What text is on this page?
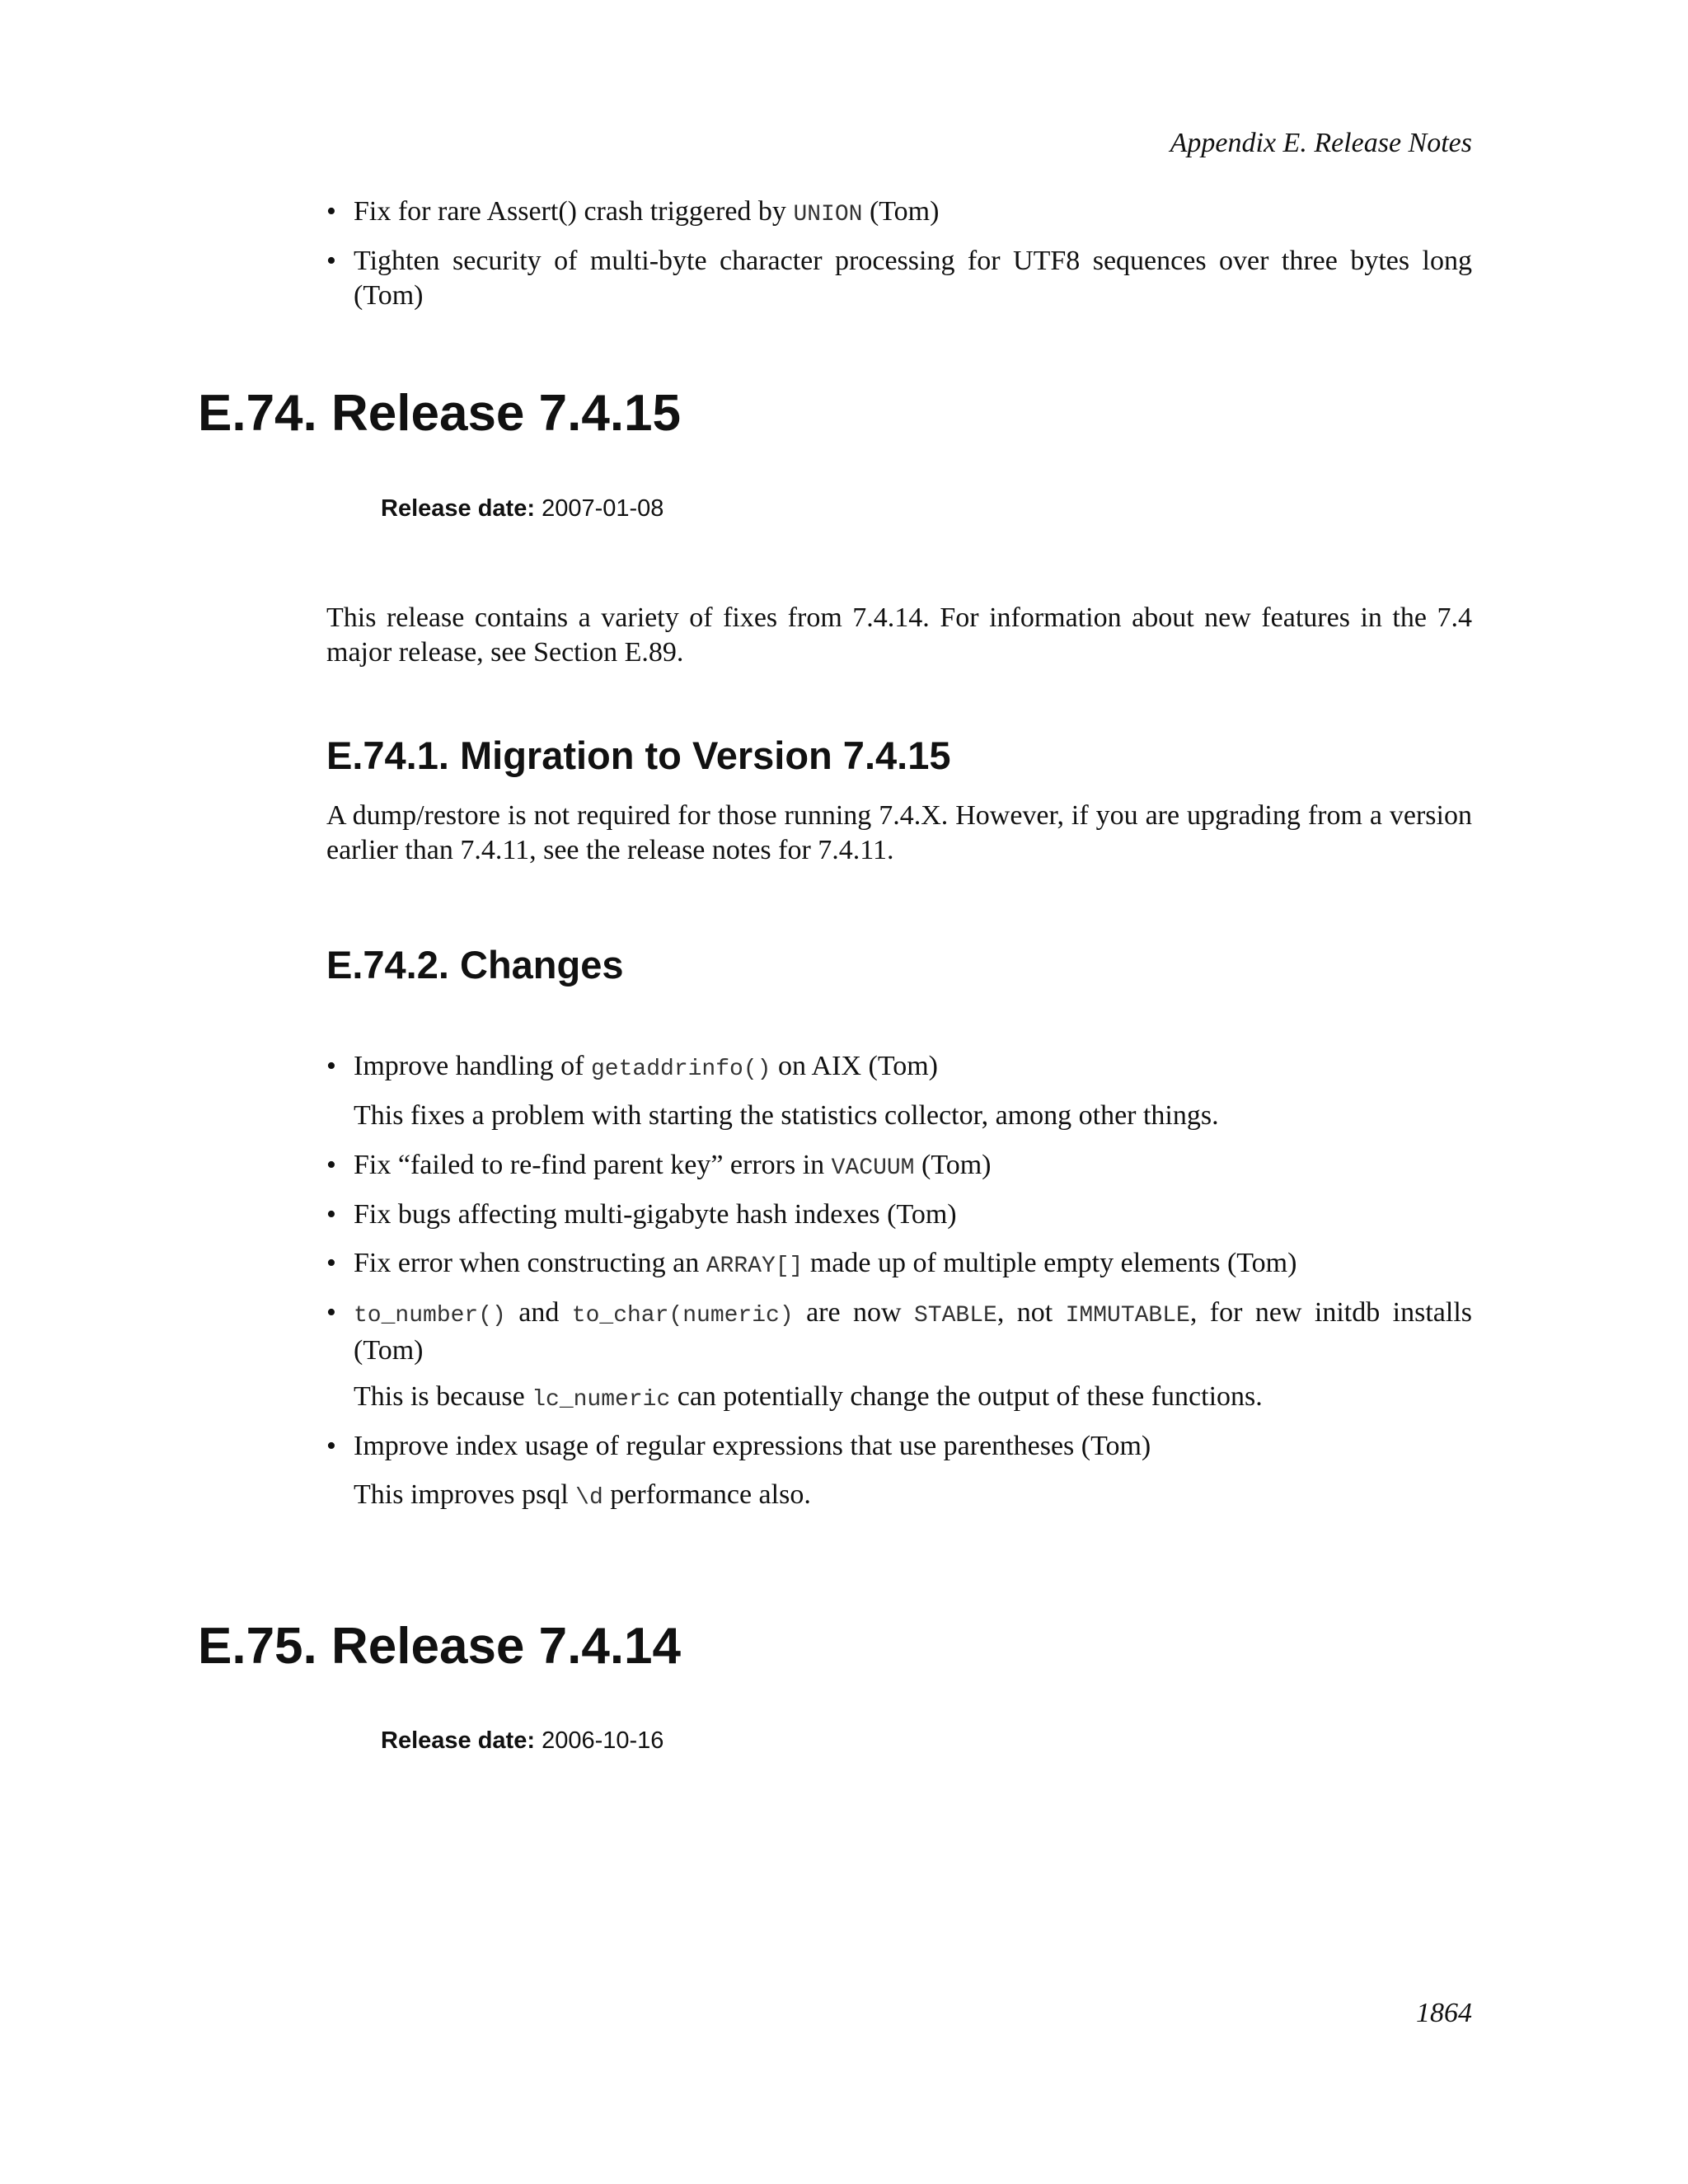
Appendix E. Release Notes
• Fix for rare Assert() crash triggered by UNION (Tom)
• Tighten security of multi-byte character processing for UTF8 sequences over three bytes long (Tom)
E.74. Release 7.4.15
Release date: 2007-01-08
This release contains a variety of fixes from 7.4.14. For information about new features in the 7.4 major release, see Section E.89.
E.74.1. Migration to Version 7.4.15
A dump/restore is not required for those running 7.4.X. However, if you are upgrading from a version earlier than 7.4.11, see the release notes for 7.4.11.
E.74.2. Changes
• Improve handling of getaddrinfo() on AIX (Tom)
This fixes a problem with starting the statistics collector, among other things.
• Fix “failed to re-find parent key” errors in VACUUM (Tom)
• Fix bugs affecting multi-gigabyte hash indexes (Tom)
• Fix error when constructing an ARRAY[] made up of multiple empty elements (Tom)
• to_number() and to_char(numeric) are now STABLE, not IMMUTABLE, for new initdb installs (Tom)
This is because lc_numeric can potentially change the output of these functions.
• Improve index usage of regular expressions that use parentheses (Tom)
This improves psql \d performance also.
E.75. Release 7.4.14
Release date: 2006-10-16
1864
